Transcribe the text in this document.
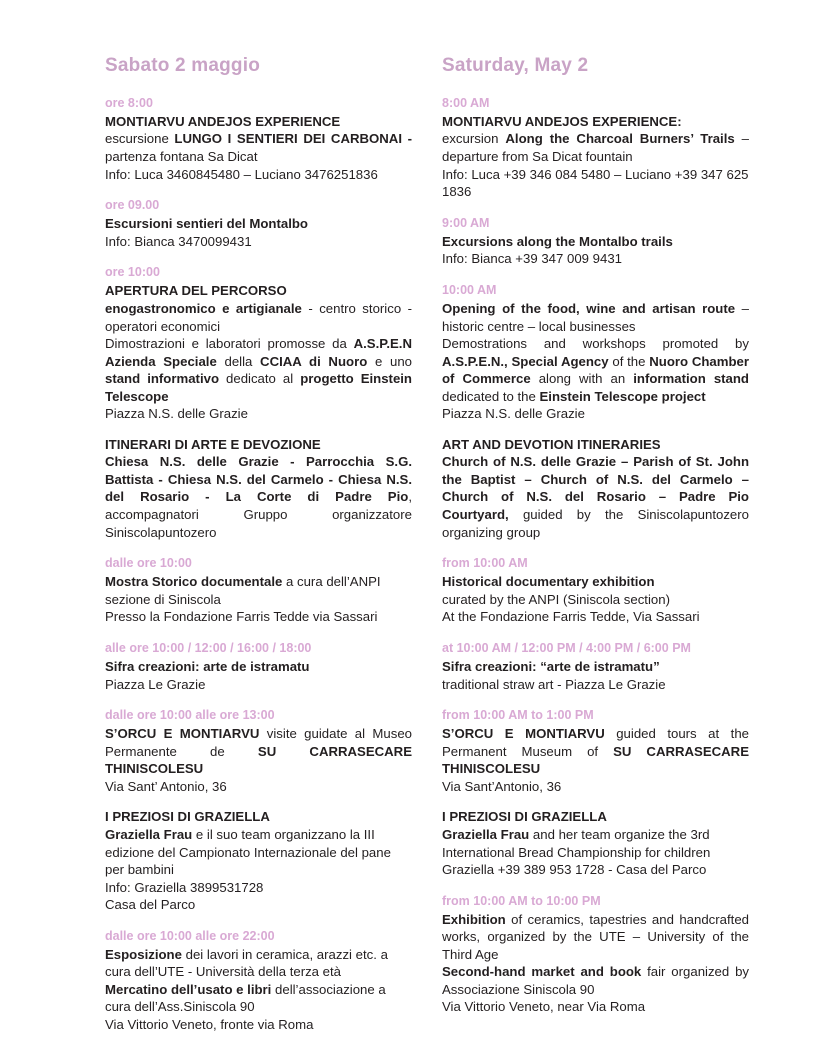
Sabato 2 maggio
ore 8:00

MONTIARVU ANDEJOS EXPERIENCE

escursione LUNGO I SENTIERI DEI CARBONAI - partenza fontana Sa Dicat

Info: Luca 3460845480 – Luciano 3476251836

ore 09.00

Escursioni sentieri del Montalbo

Info: Bianca 3470099431

ore 10:00

APERTURA DEL PERCORSO

enogastronomico e artigianale - centro storico - operatori economici

Dimostrazioni e laboratori promosse da A.S.P.E.N Azienda Speciale della CCIAA di Nuoro e uno stand informativo dedicato al progetto Einstein Telescope

Piazza N.S. delle Grazie

ITINERARI DI ARTE E DEVOZIONE

Chiesa N.S. delle Grazie - Parrocchia S.G. Battista - Chiesa N.S. del Carmelo - Chiesa N.S. del Rosario - La Corte di Padre Pio, accompagnatori Gruppo organizzatore Siniscolapuntozero

dalle ore 10:00

Mostra Storico documentale a cura dell’ANPI sezione di Siniscola

Presso la Fondazione Farris Tedde via Sassari

alle ore 10:00 / 12:00 / 16:00 / 18:00

Sifra creazioni: arte de istramatu

Piazza Le Grazie

dalle ore 10:00 alle ore 13:00

S’ORCU E MONTIARVU visite guidate al Museo Permanente de SU CARRASECARE THINISCOLESU

Via Sant’ Antonio, 36

I PREZIOSI DI GRAZIELLA

Graziella Frau e il suo team organizzano la III edizione del Campionato Internazionale del pane per bambini

Info: Graziella 3899531728

Casa del Parco

dalle ore 10:00 alle ore 22:00

Esposizione dei lavori in ceramica, arazzi etc. a cura dell’UTE - Università della terza età

Mercatino dell’usato e libri dell’associazione a cura dell’Ass.Siniscola 90

Via Vittorio Veneto, fronte via Roma

Saturday, May 2
8:00 AM

MONTIARVU ANDEJOS EXPERIENCE:

excursion Along the Charcoal Burners’ Trails – departure from Sa Dicat fountain

Info: Luca +39 346 084 5480 – Luciano +39 347 625 1836

9:00 AM

Excursions along the Montalbo trails

Info: Bianca +39 347 009 9431

10:00 AM

Opening of the food, wine and artisan route – historic centre – local businesses

Demostrations and workshops promoted by A.S.P.E.N., Special Agency of the Nuoro Chamber of Commerce along with an information stand dedicated to the Einstein Telescope project

Piazza N.S. delle Grazie

ART AND DEVOTION ITINERARIES

Church of N.S. delle Grazie – Parish of St. John the Baptist – Church of N.S. del Carmelo – Church of N.S. del Rosario – Padre Pio Courtyard, guided by the Siniscolapuntozero organizing group

from 10:00 AM

Historical documentary exhibition

curated by the ANPI (Siniscola section)

At the Fondazione Farris Tedde, Via Sassari

at 10:00 AM / 12:00 PM / 4:00 PM / 6:00 PM

Sifra creazioni: “arte de istramatu”

traditional straw art - Piazza Le Grazie

from 10:00 AM to 1:00 PM

S’ORCU E MONTIARVU guided tours at the Permanent Museum of SU CARRASECARE THINISCOLESU

Via Sant’Antonio, 36

I PREZIOSI DI GRAZIELLA

Graziella Frau and her team organize the 3rd International Bread Championship for children

Graziella +39 389 953 1728 - Casa del Parco

from 10:00 AM to 10:00 PM

Exhibition of ceramics, tapestries and handcrafted works, organized by the UTE – University of the Third Age

Second-hand market and book fair organized by Associazione Siniscola 90

Via Vittorio Veneto, near Via Roma
